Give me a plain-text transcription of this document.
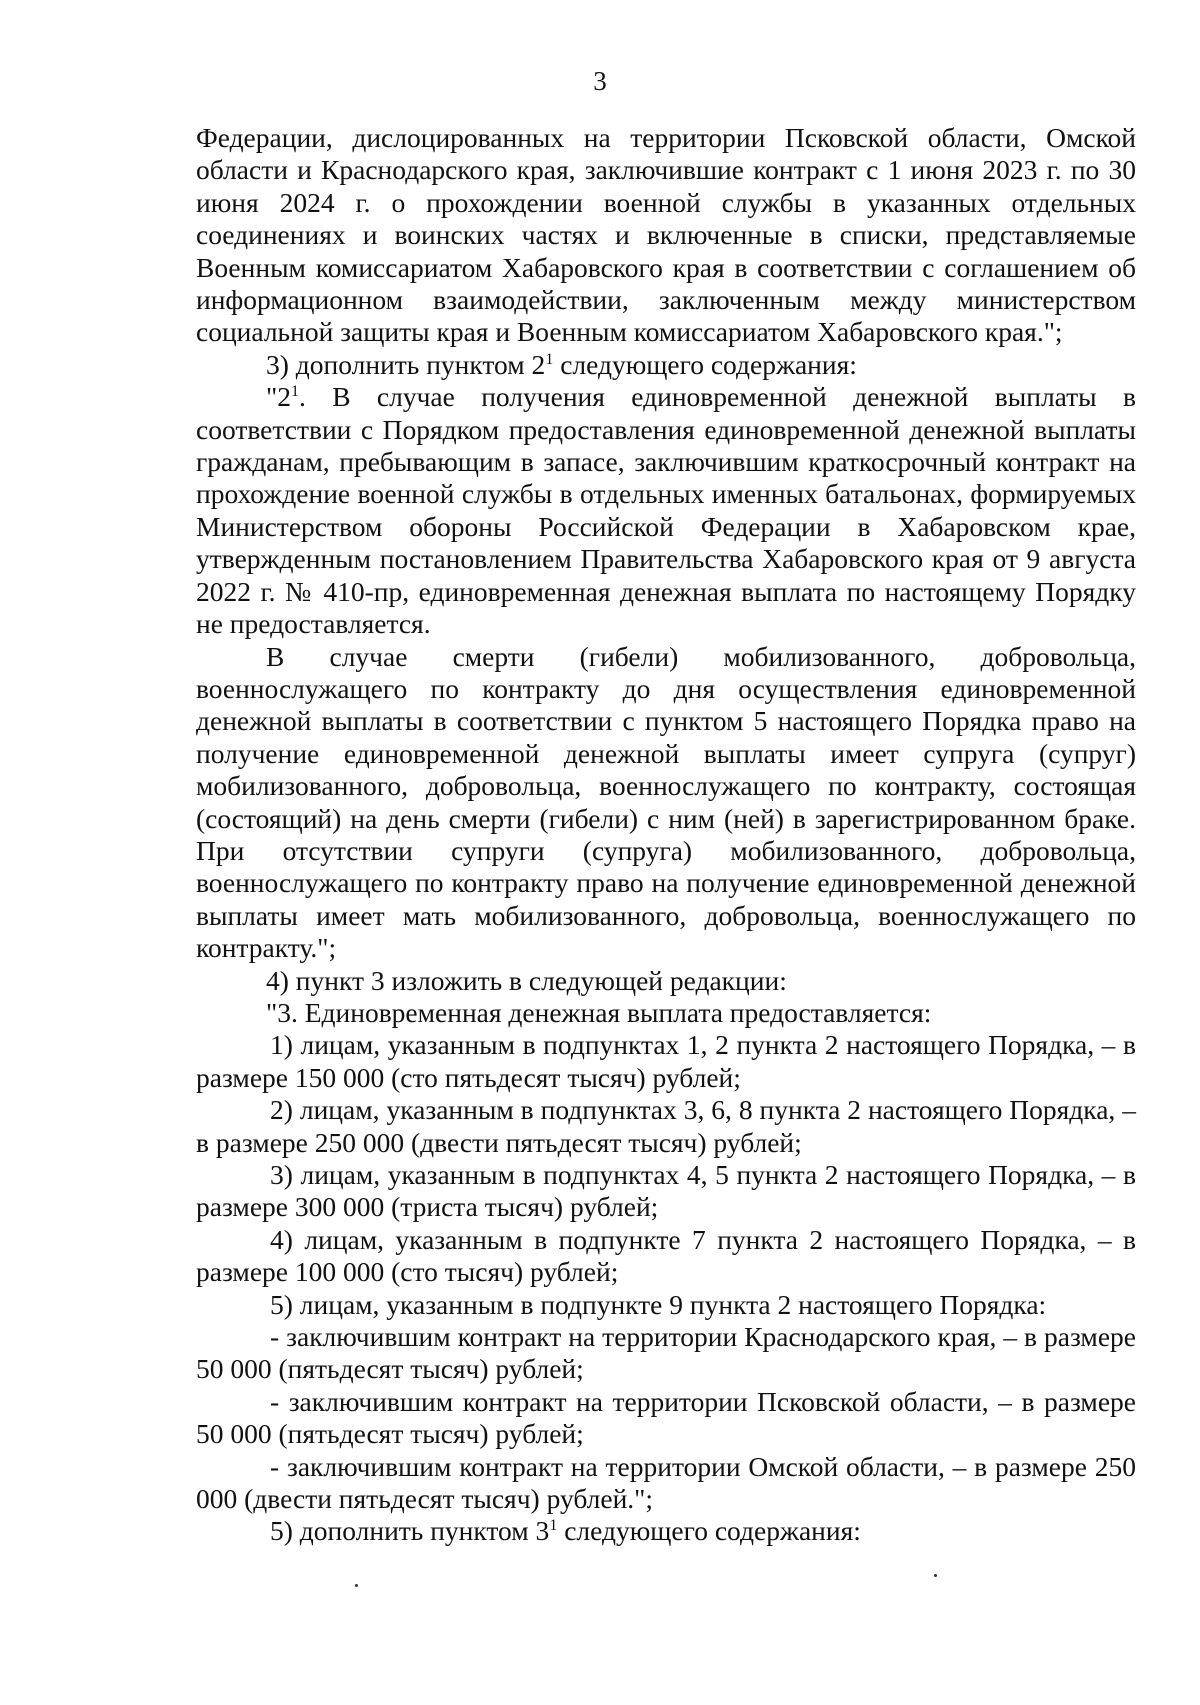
3

Федерации, дислоцированных на территории Псковской области, Омской области и Краснодарского края, заключившие контракт с 1 июня 2023 г. по 30 июня 2024 г. о прохождении военной службы в указанных отдельных соединениях и воинских частях и включенные в списки, представляемые Военным комиссариатом Хабаровского края в соответствии с соглашением об информационном взаимодействии, заключенным между министерством социальной защиты края и Военным комиссариатом Хабаровского края.";

3) дополнить пунктом $2^1$ следующего содержания:

"$2^1$. В случае получения единовременной денежной выплаты в соответствии с Порядком предоставления единовременной денежной выплаты гражданам, пребывающим в запасе, заключившим краткосрочный контракт на прохождение военной службы в отдельных именных батальонах, формируемых Министерством обороны Российской Федерации в Хабаровском крае, утвержденным постановлением Правительства Хабаровского края от 9 августа 2022 г. № 410-пр, единовременная денежная выплата по настоящему Порядку не предоставляется.

В случае смерти (гибели) мобилизованного, добровольца, военнослужащего по контракту до дня осуществления единовременной денежной выплаты в соответствии с пунктом 5 настоящего Порядка право на получение единовременной денежной выплаты имеет супруга (супруг) мобилизованного, добровольца, военнослужащего по контракту, состоящая (состоящий) на день смерти (гибели) с ним (ней) в зарегистрированном браке. При отсутствии супруги (супруга) мобилизованного, добровольца, военнослужащего по контракту право на получение единовременной денежной выплаты имеет мать мобилизованного, добровольца, военнослужащего по контракту.";

4) пункт 3 изложить в следующей редакции:

"3. Единовременная денежная выплата предоставляется:

1) лицам, указанным в подпунктах 1, 2 пункта 2 настоящего Порядка, – в размере 150 000 (сто пятьдесят тысяч) рублей;

2) лицам, указанным в подпунктах 3, 6, 8 пункта 2 настоящего Порядка, – в размере 250 000 (двести пятьдесят тысяч) рублей;

3) лицам, указанным в подпунктах 4, 5 пункта 2 настоящего Порядка, – в размере 300 000 (триста тысяч) рублей;

4) лицам, указанным в подпункте 7 пункта 2 настоящего Порядка, – в размере 100 000 (сто тысяч) рублей;

5) лицам, указанным в подпункте 9 пункта 2 настоящего Порядка:

- заключившим контракт на территории Краснодарского края, – в размере 50 000 (пятьдесят тысяч) рублей;

- заключившим контракт на территории Псковской области, – в размере 50 000 (пятьдесят тысяч) рублей;

- заключившим контракт на территории Омской области, – в размере 250 000 (двести пятьдесят тысяч) рублей.";

5) дополнить пунктом $3^1$ следующего содержания:
